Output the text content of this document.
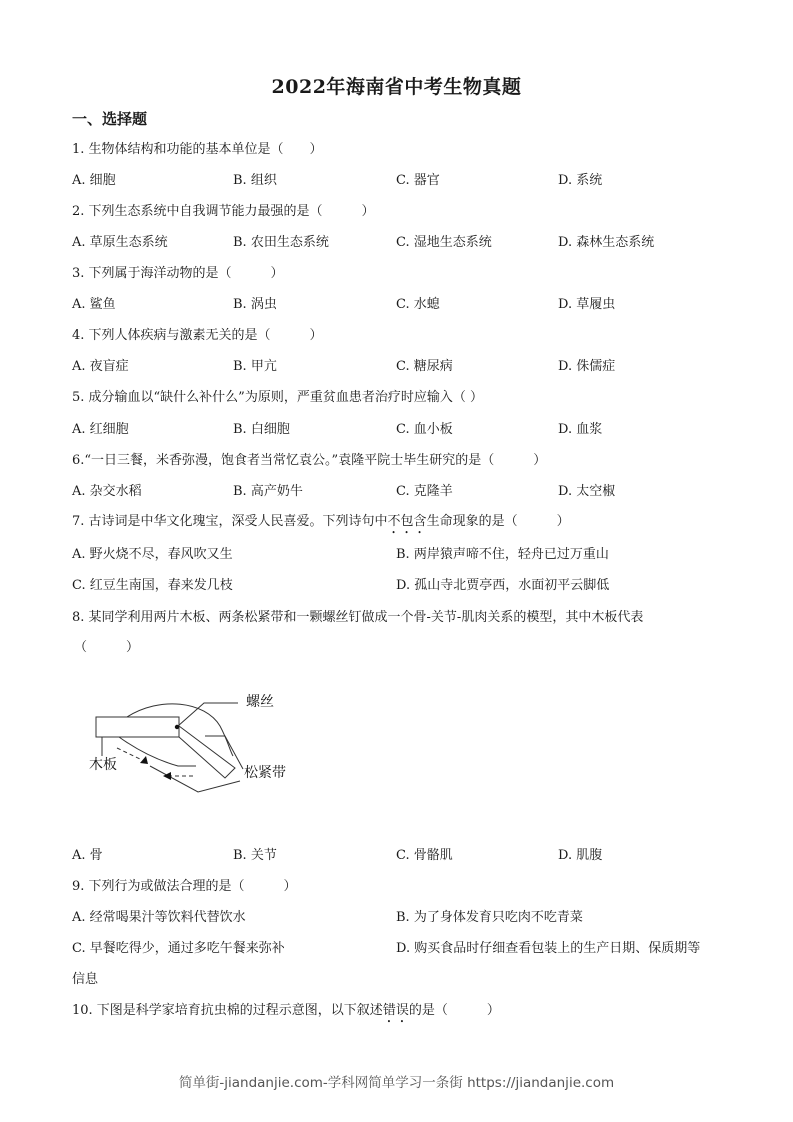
2022年海南省中考生物真题
一、选择题
1. 生物体结构和功能的基本单位是（　　）
A. 细胞	B. 组织	C. 器官	D. 系统
2. 下列生态系统中自我调节能力最强的是（　　　）
A. 草原生态系统	B. 农田生态系统	C. 湿地生态系统	D. 森林生态系统
3. 下列属于海洋动物的是（　　　）
A. 鲨鱼	B. 涡虫	C. 水螅	D. 草履虫
4. 下列人体疾病与激素无关的是（　　　）
A. 夜盲症	B. 甲亢	C. 糖尿病	D. 侏儒症
5. 成分输血以“缺什么补什么”为原则，严重贫血患者治疗时应输入（ ）
A. 红细胞	B. 白细胞	C. 血小板	D. 血浆
6.“一日三餐，米香弥漫，饱食者当常忆袁公。”袁隆平院士毕生研究的是（　　　）
A. 杂交水稻	B. 高产奶牛	C. 克隆羊	D. 太空椒
7. 古诗词是中华文化瑰宝，深受人民喜爱。下列诗句中不包含生命现象的是（　　　）
A. 野火烧不尽，春风吹又生	B. 两岸猿声啼不住，轻舟已过万重山
C. 红豆生南国，春来发几枝	D. 孤山寺北贾亭西，水面初平云脚低
8. 某同学利用两片木板、两条松紧带和一颗螺丝钉做成一个骨-关节-肌肉关系的模型，其中木板代表
（　　　）
螺丝
木板	松紧带
A. 骨	B. 关节	C. 骨骼肌	D. 肌腹
9. 下列行为或做法合理的是（　　　）
A. 经常喝果汁等饮料代替饮水	B. 为了身体发育只吃肉不吃青菜
C. 早餐吃得少，通过多吃午餐来弥补	D. 购买食品时仔细查看包装上的生产日期、保质期等
信息
10. 下图是科学家培育抗虫棉的过程示意图，以下叙述错误的是（　　　）
简单街-jiandanjie.com-学科网简单学习一条街 https://jiandanjie.com
